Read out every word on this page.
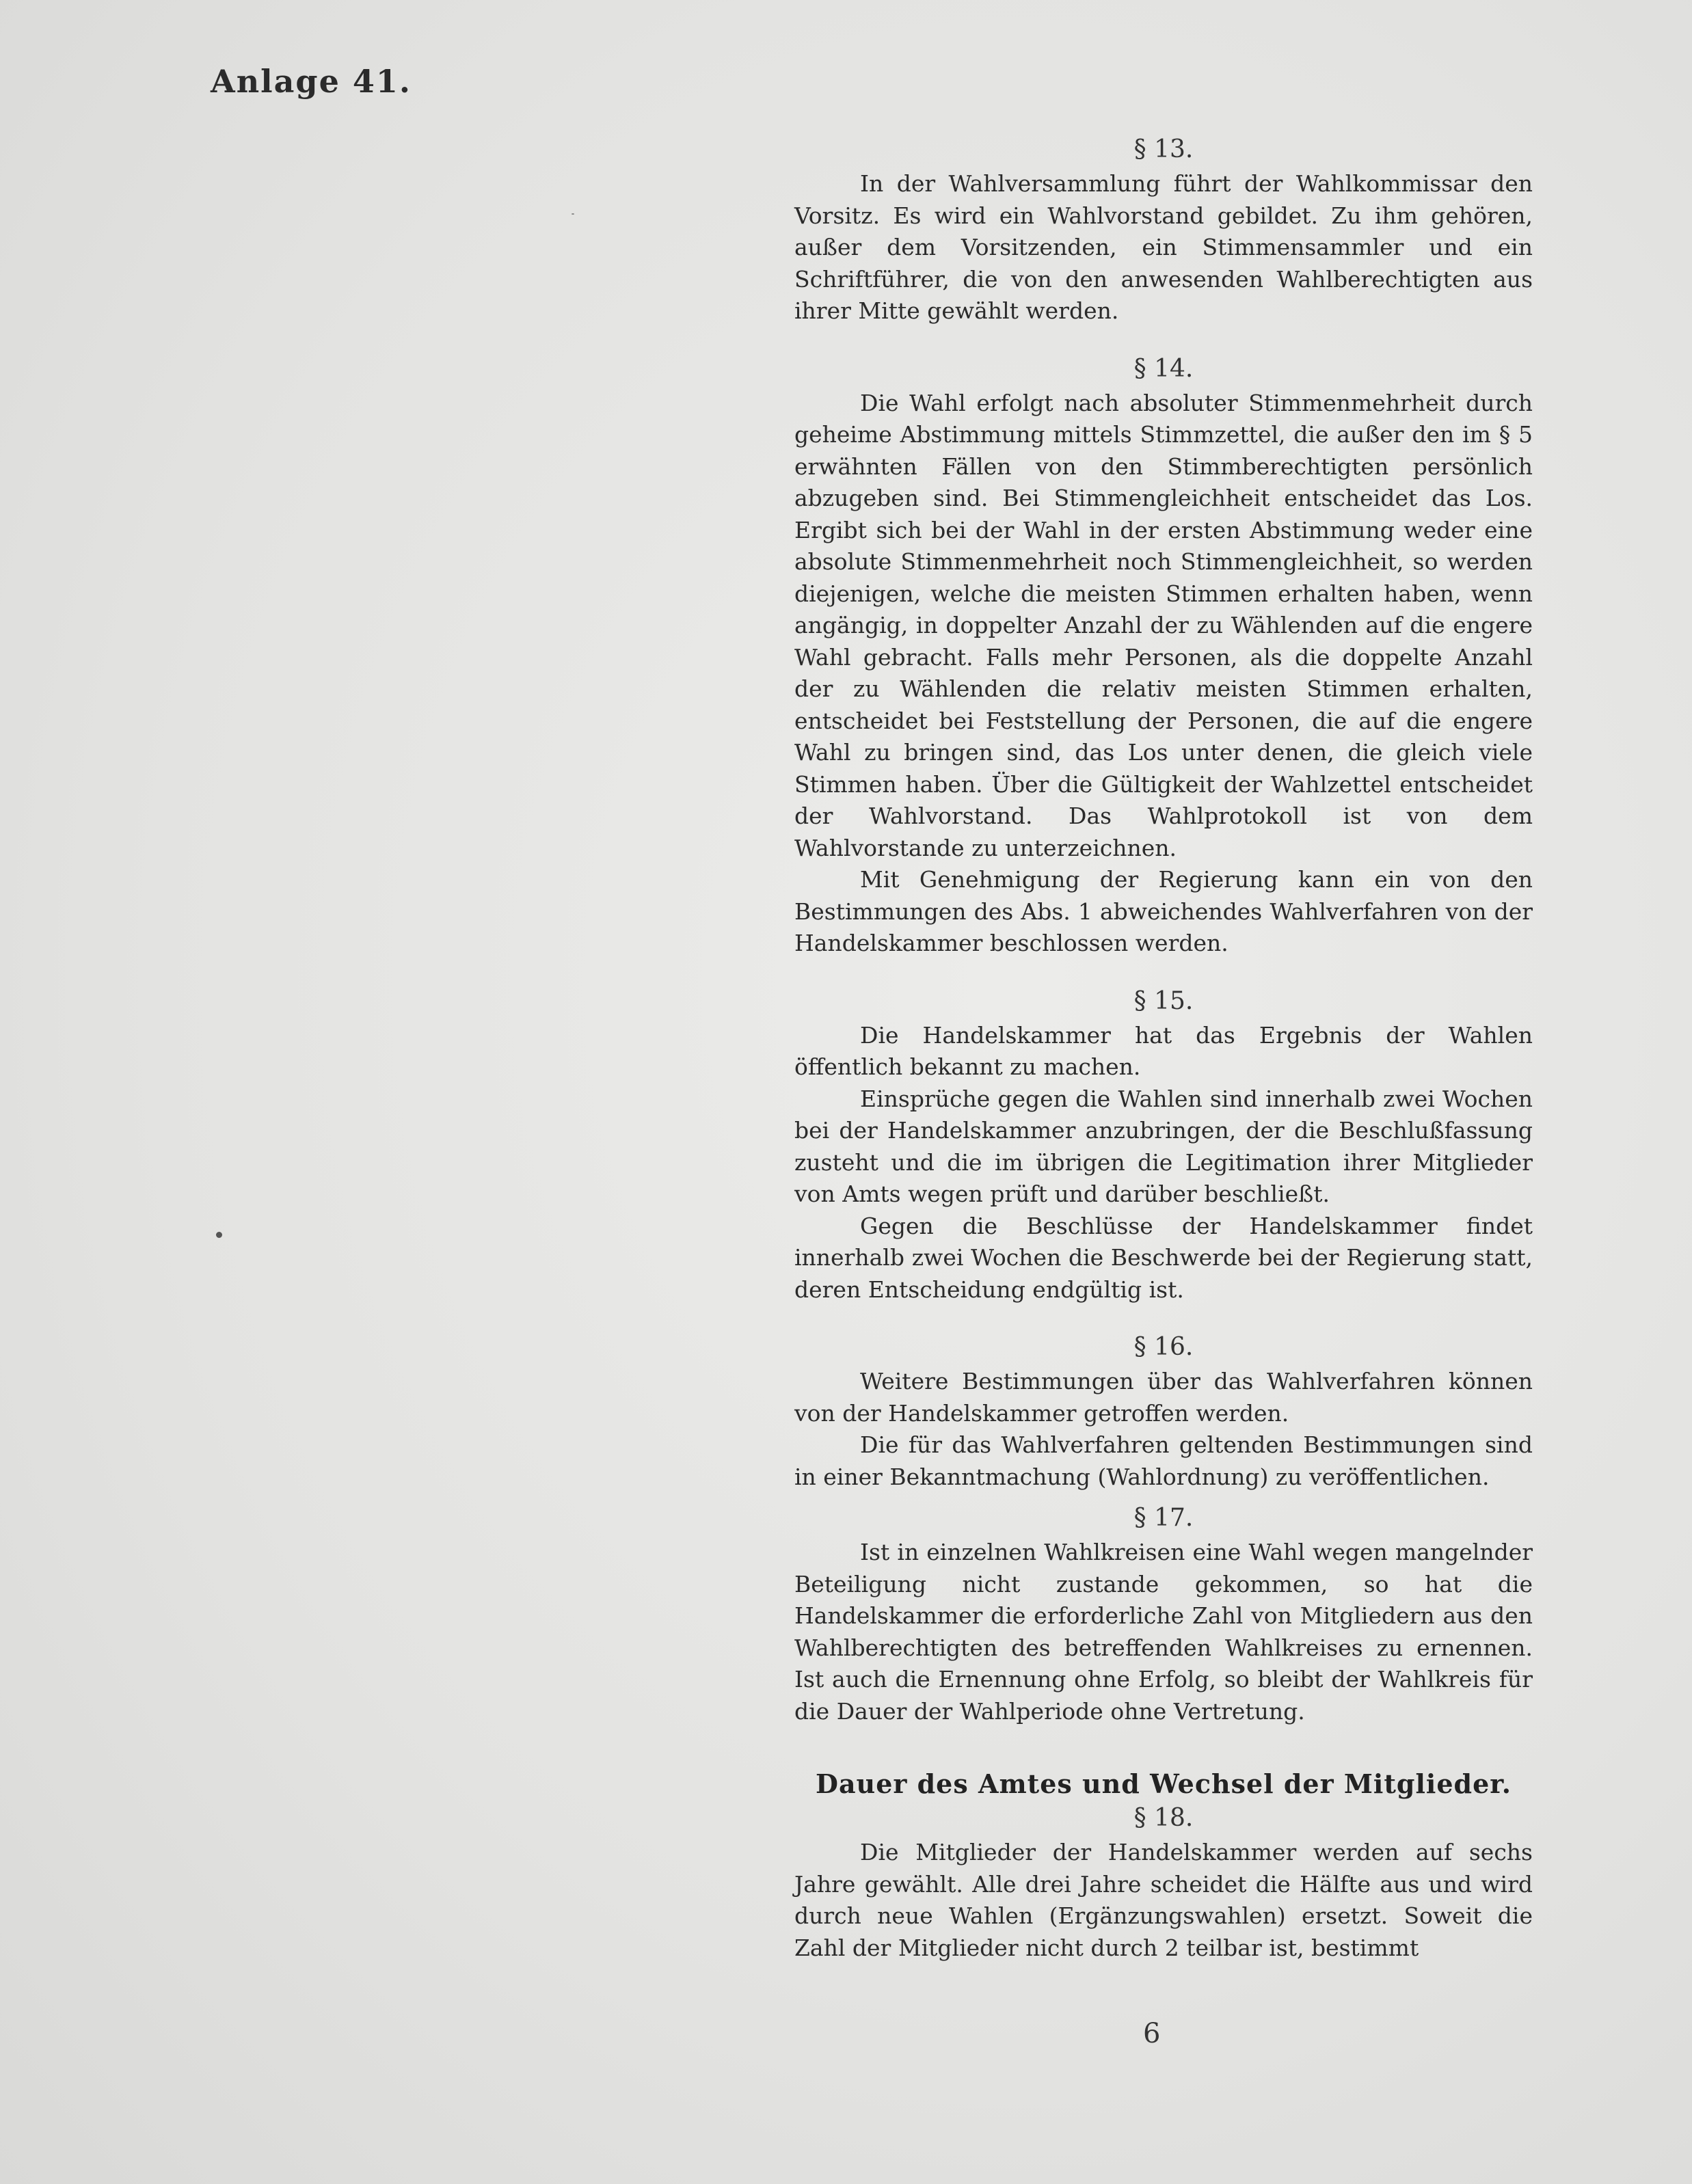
Anlage 41.
§ 13.

In der Wahlversammlung führt der Wahlkommissar den Vorsitz. Es wird ein Wahlvorstand gebildet. Zu ihm gehören, außer dem Vorsitzenden, ein Stimmensammler und ein Schriftführer, die von den anwesenden Wahlberechtigten aus ihrer Mitte gewählt werden.

§ 14.

Die Wahl erfolgt nach absoluter Stimmenmehrheit durch geheime Abstimmung mittels Stimmzettel, die außer den im § 5 erwähnten Fällen von den Stimmberechtigten persönlich abzugeben sind. Bei Stimmengleichheit entscheidet das Los. Ergibt sich bei der Wahl in der ersten Abstimmung weder eine absolute Stimmenmehrheit noch Stimmengleichheit, so werden diejenigen, welche die meisten Stimmen erhalten haben, wenn angängig, in doppelter Anzahl der zu Wählenden auf die engere Wahl gebracht. Falls mehr Personen, als die doppelte Anzahl der zu Wählenden die relativ meisten Stimmen erhalten, entscheidet bei Feststellung der Personen, die auf die engere Wahl zu bringen sind, das Los unter denen, die gleich viele Stimmen haben. Über die Gültigkeit der Wahlzettel entscheidet der Wahlvorstand. Das Wahlprotokoll ist von dem Wahlvorstande zu unterzeichnen.

Mit Genehmigung der Regierung kann ein von den Bestimmungen des Abs. 1 abweichendes Wahlverfahren von der Handelskammer beschlossen werden.

§ 15.

Die Handelskammer hat das Ergebnis der Wahlen öffentlich bekannt zu machen.

Einsprüche gegen die Wahlen sind innerhalb zwei Wochen bei der Handelskammer anzubringen, der die Beschlußfassung zusteht und die im übrigen die Legitimation ihrer Mitglieder von Amts wegen prüft und darüber beschließt.

Gegen die Beschlüsse der Handelskammer findet innerhalb zwei Wochen die Beschwerde bei der Regierung statt, deren Entscheidung endgültig ist.

§ 16.

Weitere Bestimmungen über das Wahlverfahren können von der Handelskammer getroffen werden.

Die für das Wahlverfahren geltenden Bestimmungen sind in einer Bekanntmachung (Wahlordnung) zu veröffentlichen.

§ 17.

Ist in einzelnen Wahlkreisen eine Wahl wegen mangelnder Beteiligung nicht zustande gekommen, so hat die Handelskammer die erforderliche Zahl von Mitgliedern aus den Wahlberechtigten des betreffenden Wahlkreises zu ernennen. Ist auch die Ernennung ohne Erfolg, so bleibt der Wahlkreis für die Dauer der Wahlperiode ohne Vertretung.

Dauer des Amtes und Wechsel der Mitglieder.
§ 18.

Die Mitglieder der Handelskammer werden auf sechs Jahre gewählt. Alle drei Jahre scheidet die Hälfte aus und wird durch neue Wahlen (Ergänzungswahlen) ersetzt. Soweit die Zahl der Mitglieder nicht durch 2 teilbar ist, bestimmt

6
